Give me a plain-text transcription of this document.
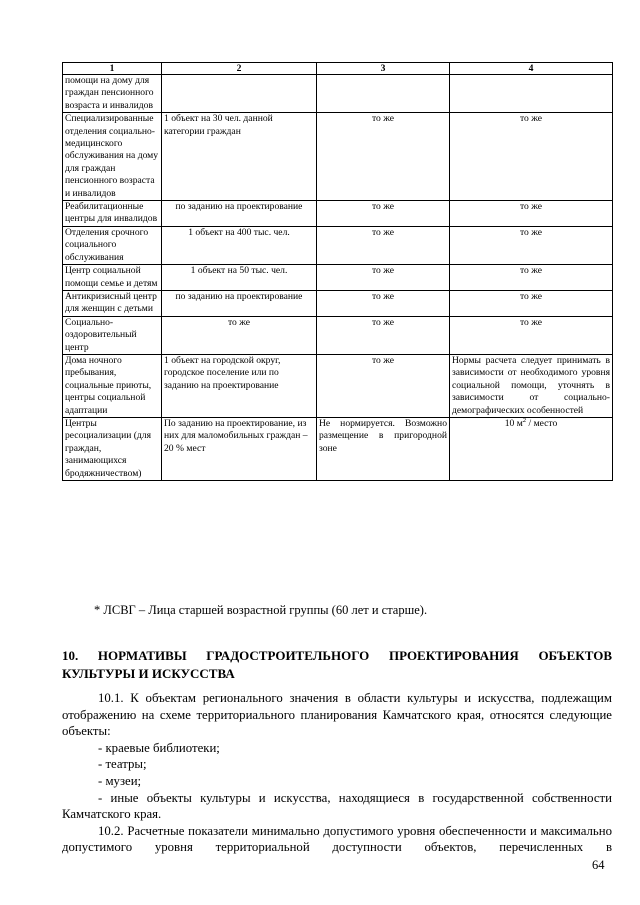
1	2	3	4
помощи на дому для граждан пенсионного возраста и инвалидов			
Специализированные отделения социально-медицинского обслуживания на дому для граждан пенсионного возраста и инвалидов	1 объект на 30 чел. данной категории граждан	то же	то же
Реабилитационные центры для инвалидов	по заданию на проектирование	то же	то же
Отделения срочного социального обслуживания	1 объект на 400 тыс. чел.	то же	то же
Центр социальной помощи семье и детям	1 объект на 50 тыс. чел.	то же	то же
Антикризисный центр для женщин с детьми	по заданию на проектирование	то же	то же
Социально-оздоровительный центр	то же	то же	то же
Дома ночного пребывания, социальные приюты, центры социальной адаптации	1 объект на городской округ, городское поселение или по заданию на проектирование	то же	Нормы расчета следует принимать в зависимости от необходимого уровня социальной помощи, уточнять в зависимости от социально-демографических особенностей
Центры ресоциализации (для граждан, занимающихся бродяжничеством)	По заданию на проектирование, из них для маломобильных граждан – 20 % мест	Не нормируется. Возможно размещение в пригородной зоне	10 $м^2$ / место
* ЛСВГ – Лица старшей возрастной группы (60 лет и старше).
10. НОРМАТИВЫ ГРАДОСТРОИТЕЛЬНОГО ПРОЕКТИРОВАНИЯ ОБЪЕКТОВ КУЛЬТУРЫ И ИСКУССТВА

10.1. К объектам регионального значения в области культуры и искусства, подлежащим отображению на схеме территориального планирования Камчатского края, относятся следующие объекты:

- краевые библиотеки;

- театры;

- музеи;

- иные объекты культуры и искусства, находящиеся в государственной собственности Камчатского края.

10.2. Расчетные показатели минимально допустимого уровня обеспеченности и максимально допустимого уровня территориальной доступности объектов, перечисленных в

64
